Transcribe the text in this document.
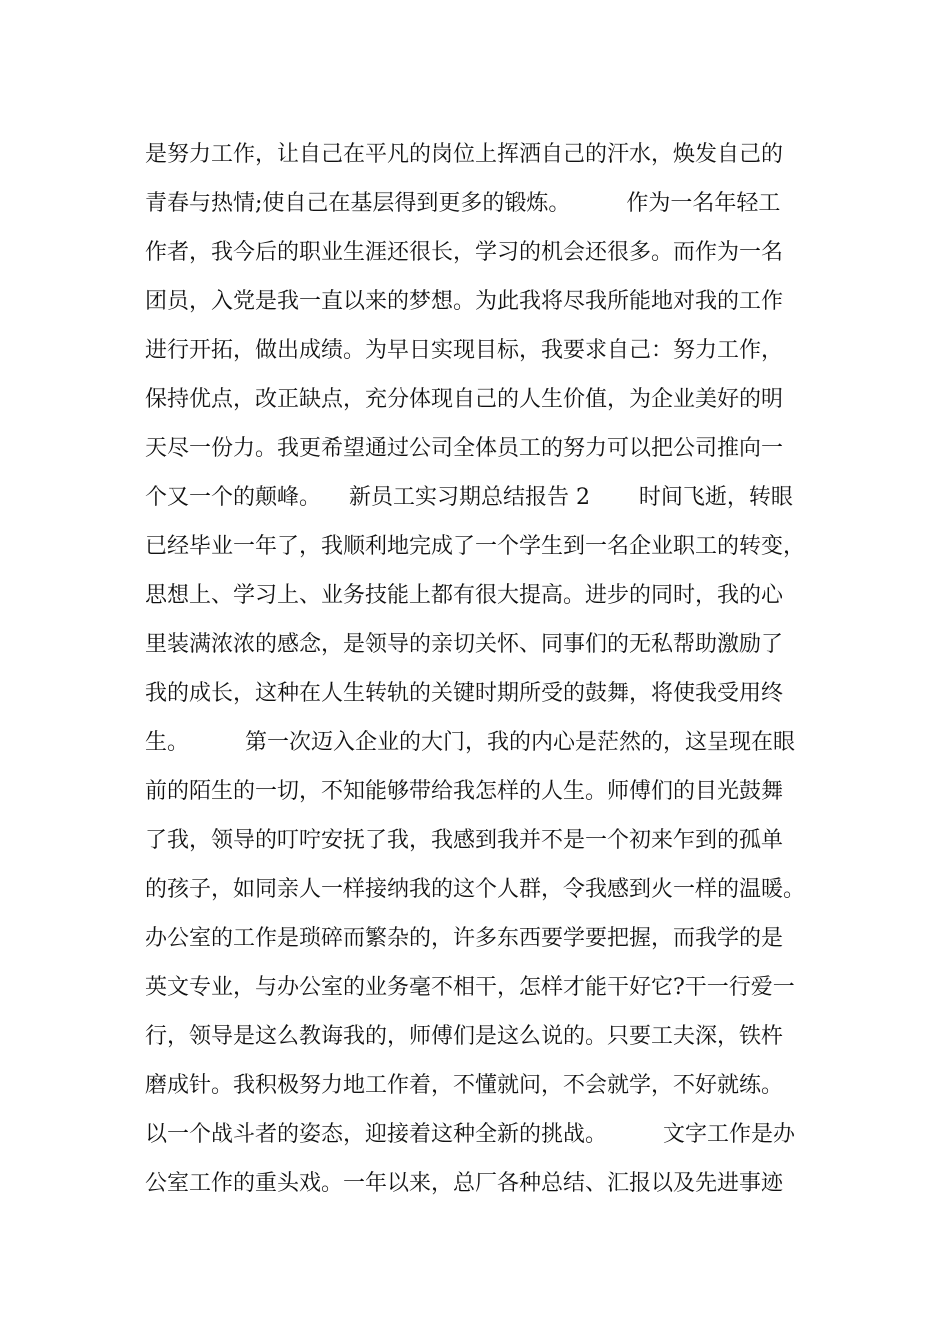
是努力工作，让自己在平凡的岗位上挥洒自己的汗水，焕发自己的
青春与热情;使自己在基层得到更多的锻炼。        作为一名年轻工
作者，我今后的职业生涯还很长，学习的机会还很多。而作为一名
团员，入党是我一直以来的梦想。为此我将尽我所能地对我的工作
进行开拓，做出成绩。为早日实现目标，我要求自己：努力工作，
保持优点，改正缺点，充分体现自己的人生价值，为企业美好的明
天尽一份力。我更希望通过公司全体员工的努力可以把公司推向一
个又一个的颠峰。    新员工实习期总结报告 2       时间飞逝，转眼
已经毕业一年了，我顺利地完成了一个学生到一名企业职工的转变，
思想上、学习上、业务技能上都有很大提高。进步的同时，我的心
里装满浓浓的感念，是领导的亲切关怀、同事们的无私帮助激励了
我的成长，这种在人生转轨的关键时期所受的鼓舞，将使我受用终
生。        第一次迈入企业的大门，我的内心是茫然的，这呈现在眼
前的陌生的一切，不知能够带给我怎样的人生。师傅们的目光鼓舞
了我，领导的叮咛安抚了我，我感到我并不是一个初来乍到的孤单
的孩子，如同亲人一样接纳我的这个人群，令我感到火一样的温暖。
办公室的工作是琐碎而繁杂的，许多东西要学要把握，而我学的是
英文专业，与办公室的业务毫不相干，怎样才能干好它?干一行爱一
行，领导是这么教诲我的，师傅们是这么说的。只要工夫深，铁杵
磨成针。我积极努力地工作着，不懂就问，不会就学，不好就练。
以一个战斗者的姿态，迎接着这种全新的挑战。        文字工作是办
公室工作的重头戏。一年以来，总厂各种总结、汇报以及先进事迹
